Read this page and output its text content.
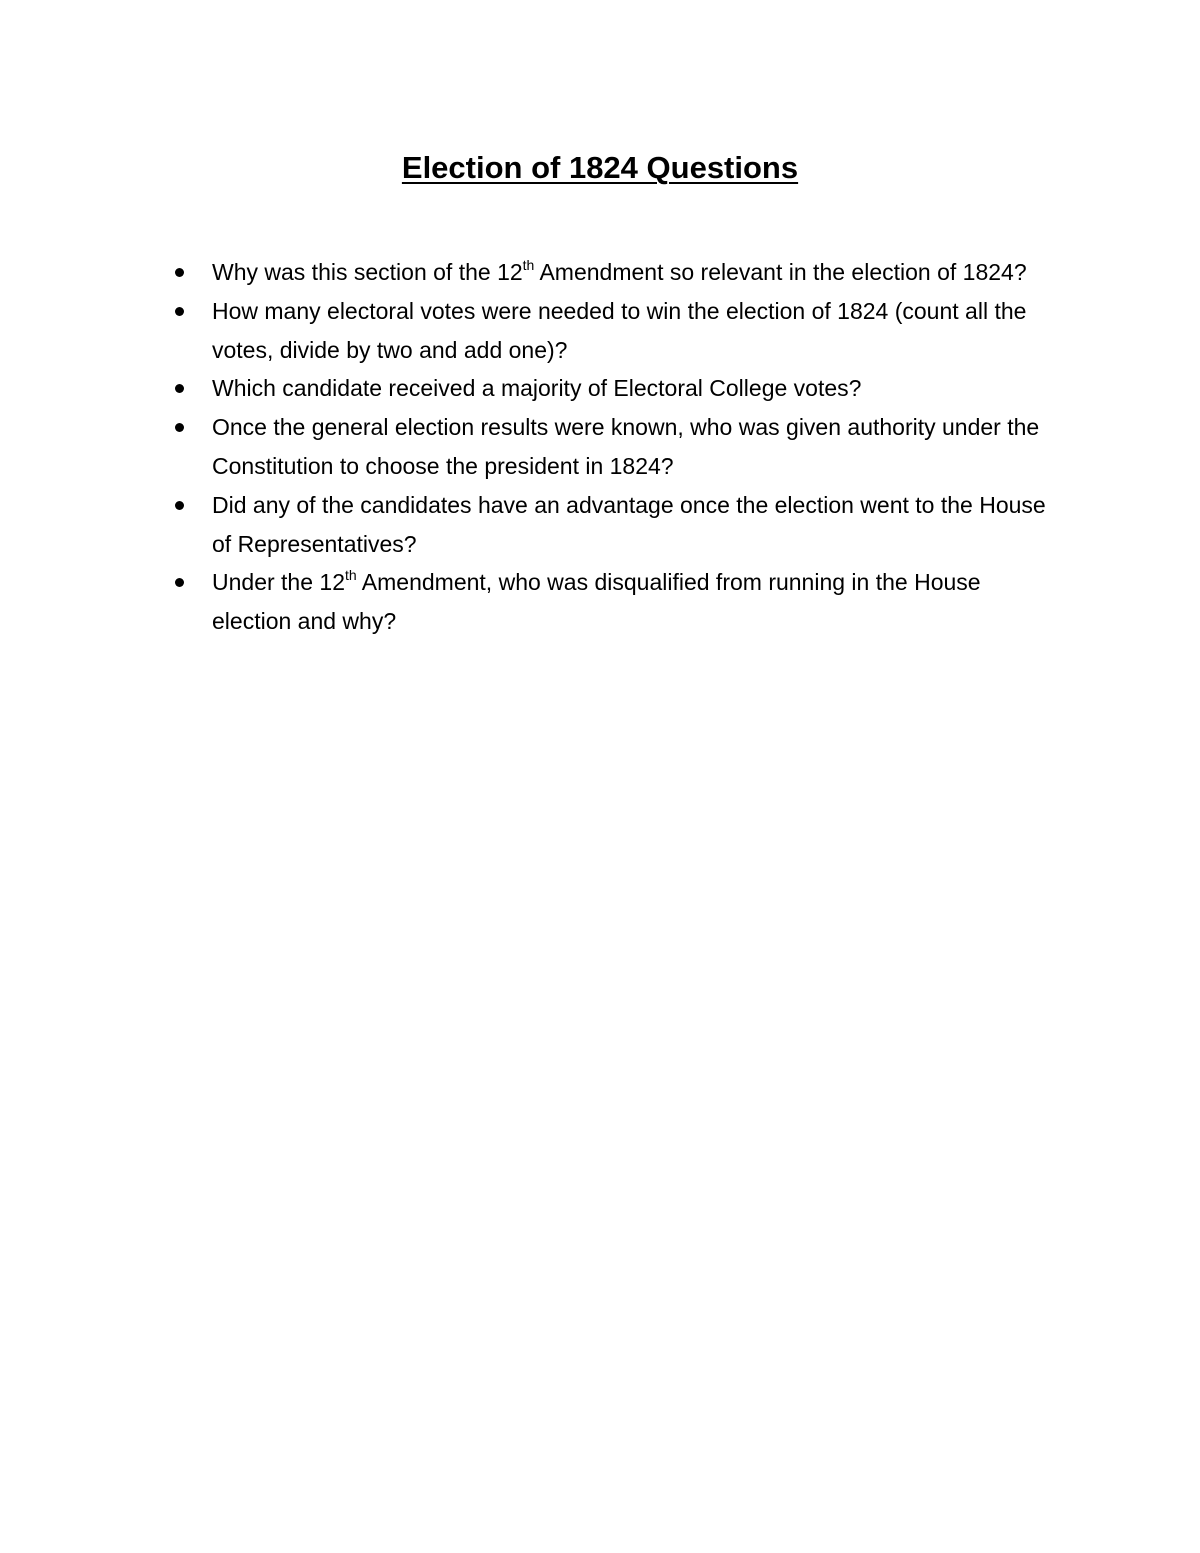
Election of 1824 Questions
Why was this section of the 12th Amendment so relevant in the election of 1824?
How many electoral votes were needed to win the election of 1824 (count all the votes, divide by two and add one)?
Which candidate received a majority of Electoral College votes?
Once the general election results were known, who was given authority under the Constitution to choose the president in 1824?
Did any of the candidates have an advantage once the election went to the House of Representatives?
Under the 12th Amendment, who was disqualified from running in the House election and why?
